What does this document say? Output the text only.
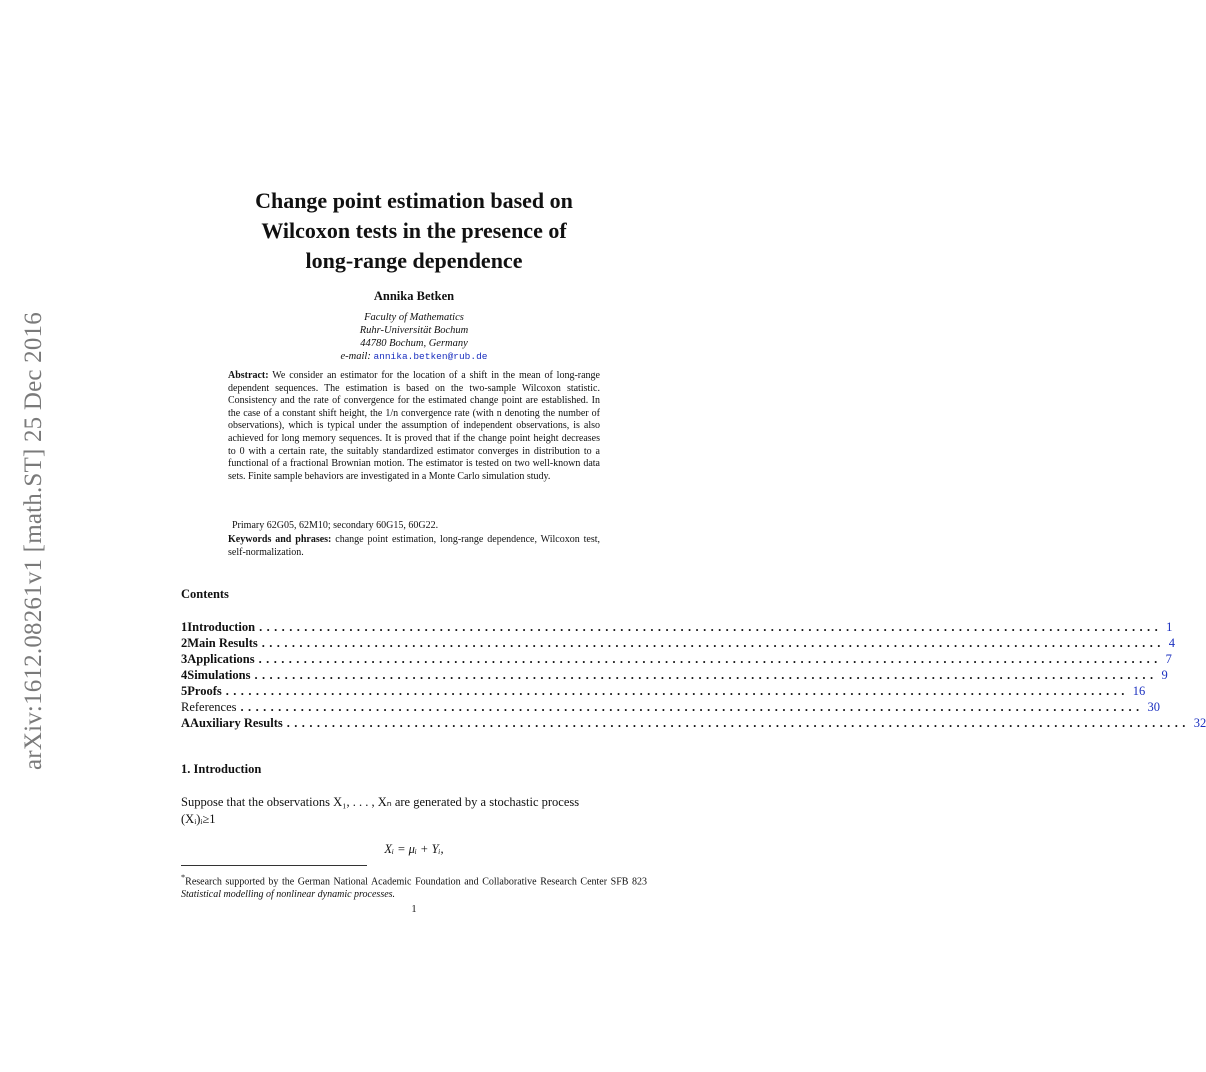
arXiv:1612.08261v1 [math.ST] 25 Dec 2016
Change point estimation based on
Wilcoxon tests in the presence of
long-range dependence
Annika Betken
Faculty of Mathematics
Ruhr-Universität Bochum
44780 Bochum, Germany
e-mail: annika.betken@rub.de
Abstract: We consider an estimator for the location of a shift in the mean of long-range dependent sequences. The estimation is based on the two-sample Wilcoxon statistic. Consistency and the rate of convergence for the estimated change point are established. In the case of a constant shift height, the 1/n convergence rate (with n denoting the number of observations), which is typical under the assumption of independent observations, is also achieved for long memory sequences. It is proved that if the change point height decreases to 0 with a certain rate, the suitably standardized estimator converges in distribution to a functional of a fractional Brownian motion. The estimator is tested on two well-known data sets. Finite sample behaviors are investigated in a Monte Carlo simulation study.
Primary 62G05, 62M10; secondary 60G15, 60G22.
Keywords and phrases: change point estimation, long-range dependence, Wilcoxon test, self-normalization.
Contents
1 Introduction ........................................................................................................................ 1
2 Main Results ........................................................................................................................ 4
3 Applications ........................................................................................................................ 7
4 Simulations ........................................................................................................................ 9
5 Proofs ........................................................................................................................ 16
References ........................................................................................................................ 30
A Auxiliary Results ........................................................................................................................ 32
1. Introduction
Suppose that the observations X₁, . . . , Xₙ are generated by a stochastic process
(Xᵢ)ᵢ≥1
Xᵢ = μᵢ + Yᵢ,
*Research supported by the German National Academic Foundation and Collaborative Research Center SFB 823 Statistical modelling of nonlinear dynamic processes.
1
